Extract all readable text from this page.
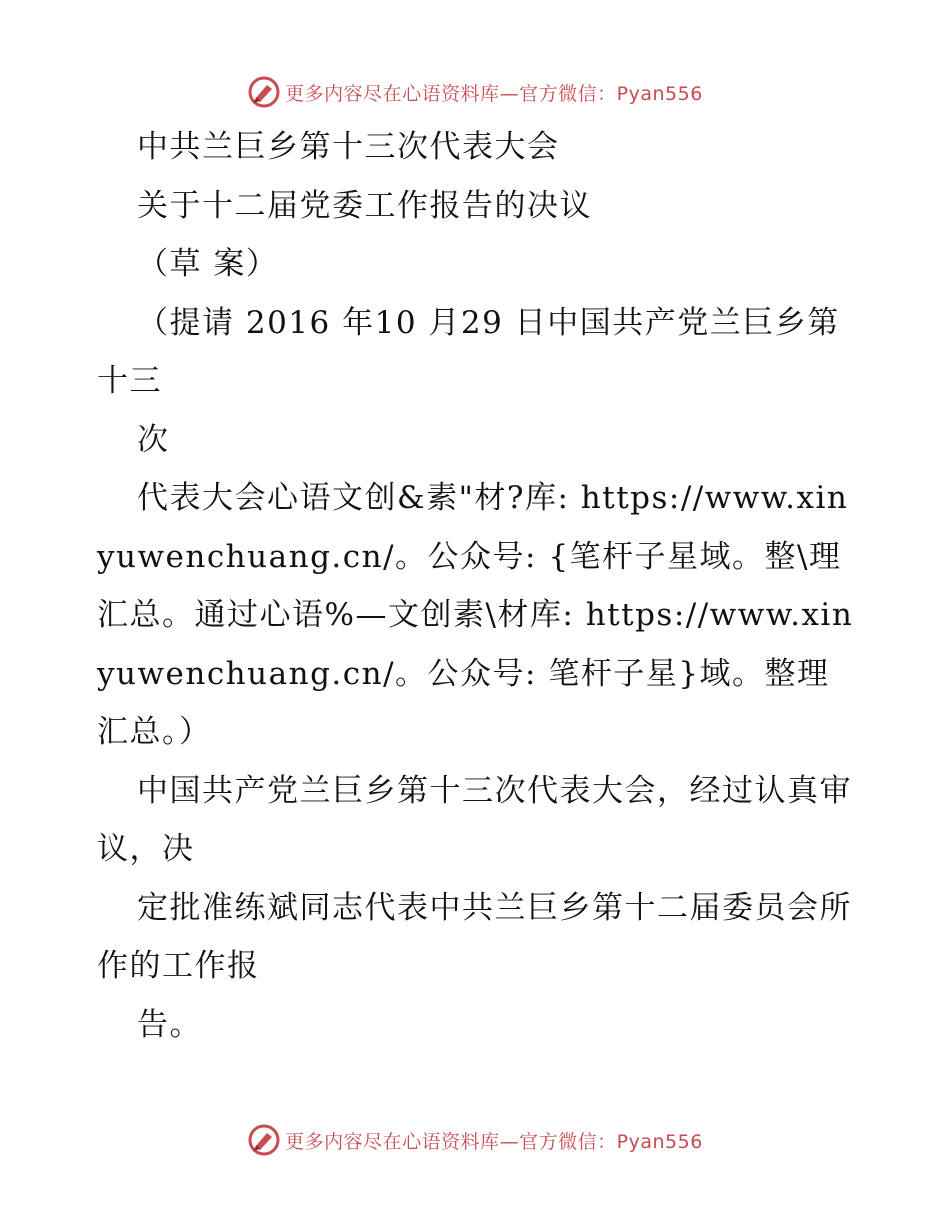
更多内容尽在心语资料库—官方微信：Pyan556

中共兰巨乡第十三次代表大会

关于十二届党委工作报告的决议

（草 案）

（提请 2016 年10 月29 日中国共产党兰巨乡第十三

次

代表大会心语文创&素"材?库: https://www.xinyuwenchuang.cn/。公众号: {笔杆子星域。整\理汇总。通过心语%—文创素\材库: https://www.xinyuwenchuang.cn/。公众号: 笔杆子星}域。整理汇总。）

中国共产党兰巨乡第十三次代表大会，经过认真审议，决

定批准练斌同志代表中共兰巨乡第十二届委员会所作的工作报

告。

更多内容尽在心语资料库—官方微信：Pyan556
